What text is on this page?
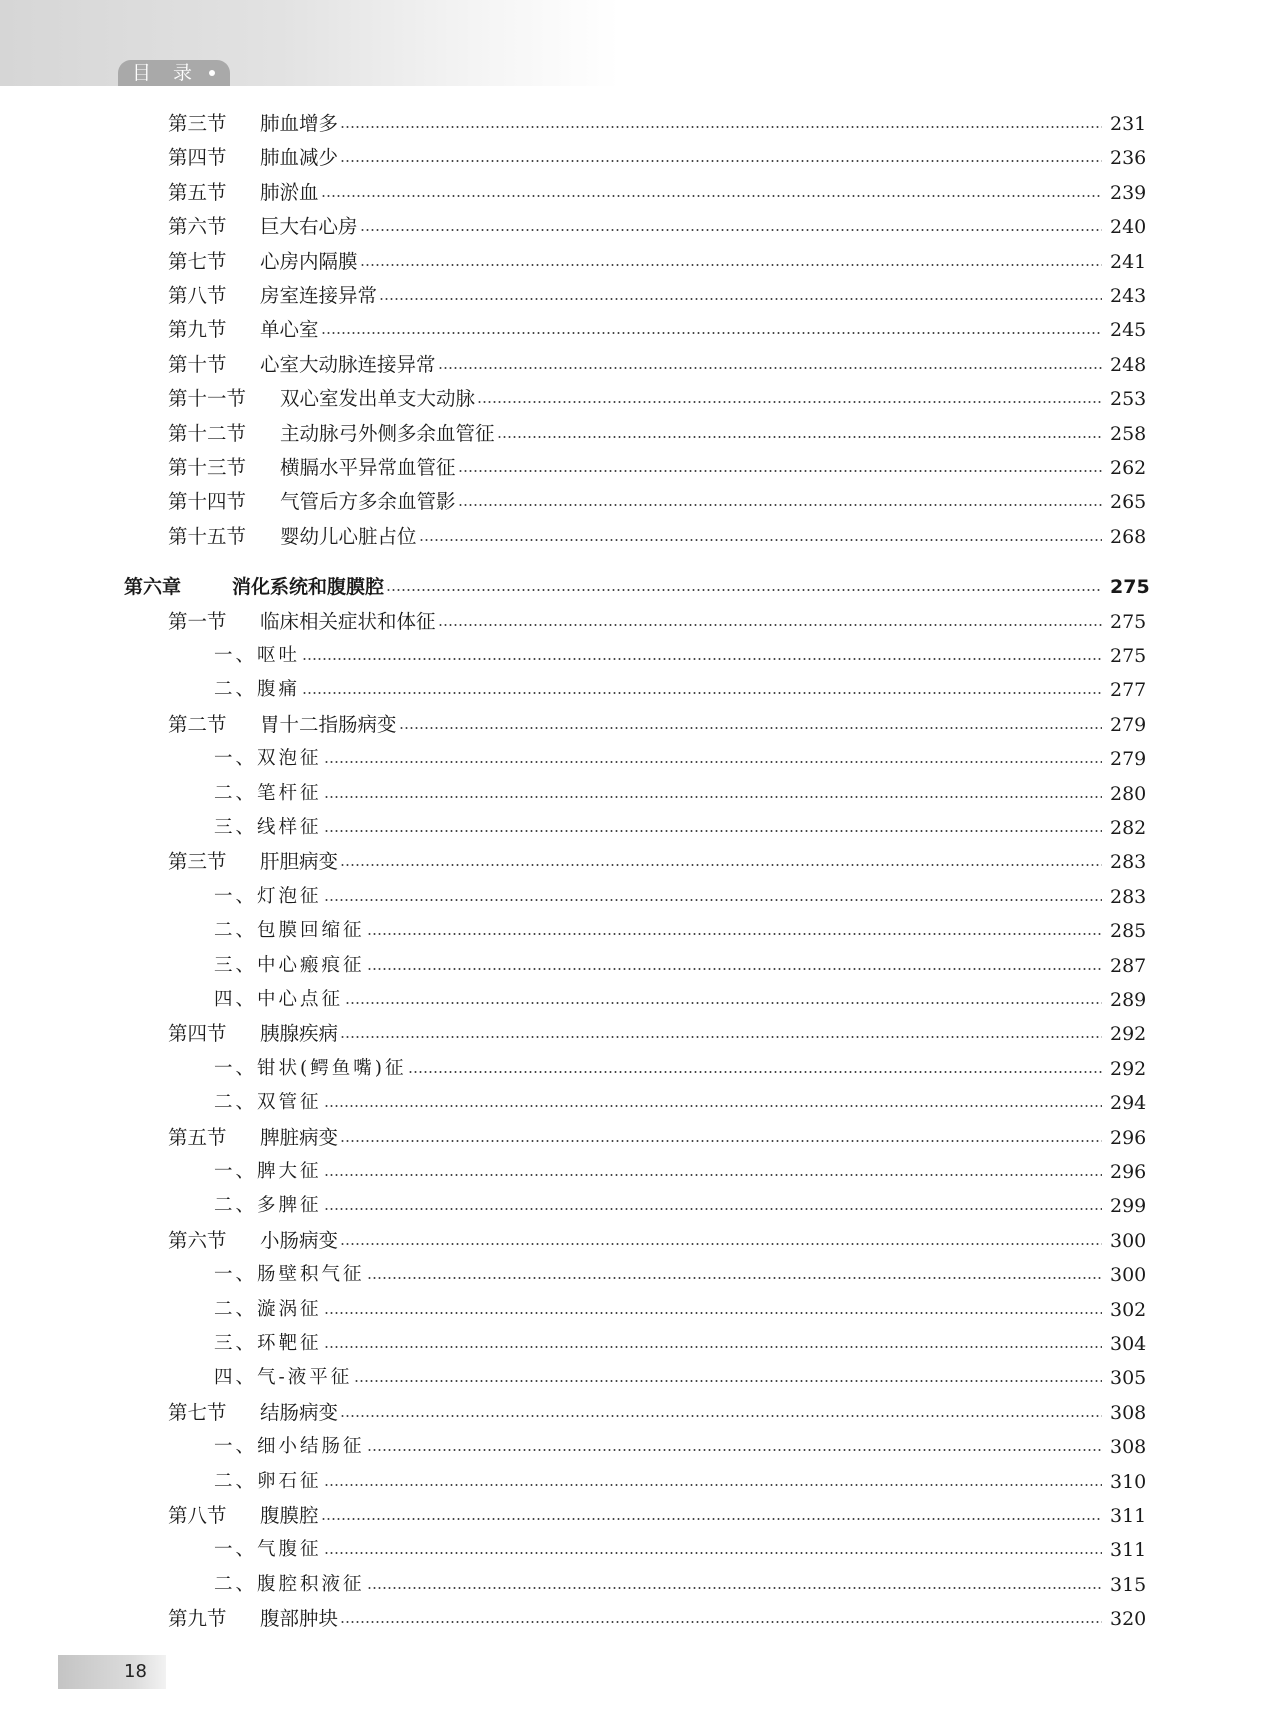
目 录
第三节	肺血增多	231
第四节	肺血减少	236
第五节	肺淤血	239
第六节	巨大右心房	240
第七节	心房内隔膜	241
第八节	房室连接异常	243
第九节	单心室	245
第十节	心室大动脉连接异常	248
第十一节	双心室发出单支大动脉	253
第十二节	主动脉弓外侧多余血管征	258
第十三节	横膈水平异常血管征	262
第十四节	气管后方多余血管影	265
第十五节	婴幼儿心脏占位	268
第六章	消化系统和腹膜腔	275
第一节	临床相关症状和体征	275
一、 呕吐	275
二、 腹痛	277
第二节	胃十二指肠病变	279
一、 双泡征	279
二、 笔杆征	280
三、 线样征	282
第三节	肝胆病变	283
一、 灯泡征	283
二、 包膜回缩征	285
三、 中心瘢痕征	287
四、 中心点征	289
第四节	胰腺疾病	292
一、 钳状(鳄鱼嘴)征	292
二、 双管征	294
第五节	脾脏病变	296
一、 脾大征	296
二、 多脾征	299
第六节	小肠病变	300
一、 肠壁积气征	300
二、 漩涡征	302
三、 环靶征	304
四、 气-液平征	305
第七节	结肠病变	308
一、 细小结肠征	308
二、 卵石征	310
第八节	腹膜腔	311
一、 气腹征	311
二、 腹腔积液征	315
第九节	腹部肿块	320
18
